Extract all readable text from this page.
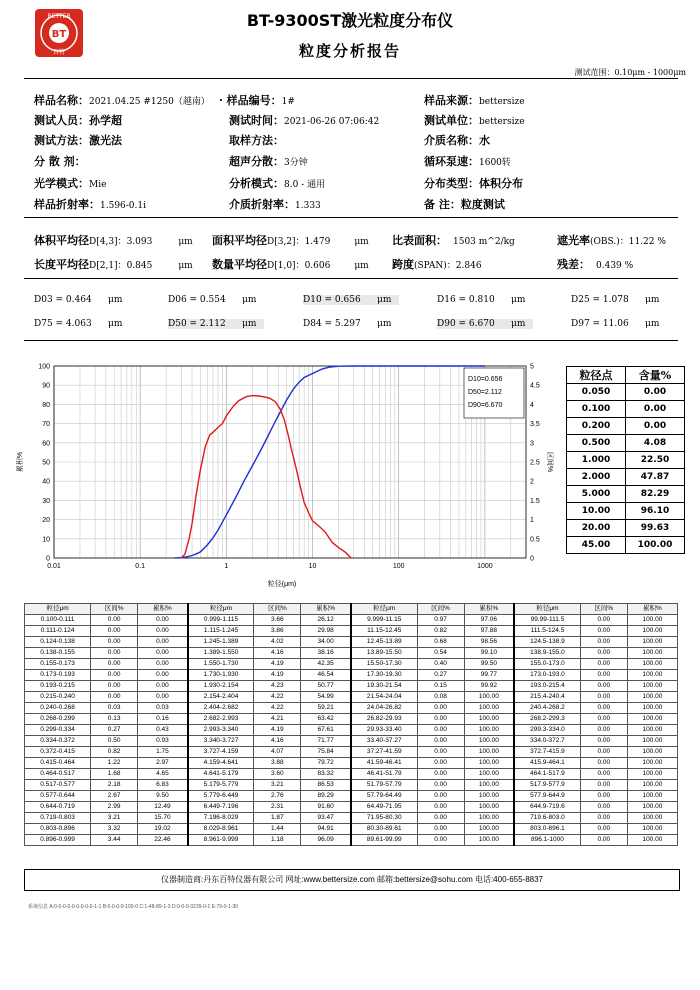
BT
BETTER
百特
BT-9300ST激光粒度分布仪
粒度分析报告
测试范围：0.10μm - 1000μm
样品名称：2021.04.25 #1250（越南） · 样品编号：1#	样品来源：bettersize
测试人员：孙学超	测试时间：2021-06-26 07:06:42	测试单位：bettersize
测试方法：激光法	取样方法：	介质名称：水
分 散 剂：	超声分散：3分钟	循环泵速：1600转
光学模式：Mie	分析模式：8.0 - 通用	分布类型：体积分布
样品折射率：1.596-0.1i	介质折射率：1.333	备 注：粒度测试
体积平均径D[4,3]：3.093	μm 面积平均径D[3,2]：1.479	μm 比表面积： 1503 m^2/kg	遮光率(OBS.)：11.22 %
长度平均径D[2,1]：0.845	μm 数量平均径D[1,0]：0.606	μm 跨度(SPAN)：2.846	残差： 0.439 %
D03 = 0.464 μm	D06 = 0.554 μm	D10 = 0.656 μm	D16 = 0.810 μm	D25 = 1.078 μm
D75 = 4.063 μm	D50 = 2.112 μm	D84 = 5.297 μm	D90 = 6.670 μm	D97 = 11.06 μm
0
10
20
30
40
50
60
70
80
90
100
0
0.5
1
1.5
2
2.5
3
3.5
4
4.5
5
0.01	0.1	1	10	100	1000
粒径(μm)
累积%	区间%
D10=0.656
D50=2.112
D90=6.670
粒径点	含量%
0.050	0.00
0.100	0.00
0.200	0.00
0.500	4.08
1.000	22.50
2.000	47.87
5.000	82.29
10.00	96.10
20.00	99.63
45.00	100.00
粒径μm	区间%	累积%	粒径μm	区间%	累积%	粒径μm	区间%	累积%	粒径μm	区间%	累积%
0.100-0.111	0.00	0.00	0.999-1.115	3.66	26.12	9.999-11.15	0.97	97.06	99.99-111.5	0.00	100.00
0.111-0.124	0.00	0.00	1.115-1.245	3.86	29.98	11.15-12.45	0.82	97.88	111.5-124.5	0.00	100.00
0.124-0.138	0.00	0.00	1.245-1.389	4.02	34.00	12.45-13.89	0.68	98.56	124.5-138.9	0.00	100.00
0.138-0.155	0.00	0.00	1.389-1.550	4.16	38.16	13.89-15.50	0.54	99.10	138.9-155.0	0.00	100.00
0.155-0.173	0.00	0.00	1.550-1.730	4.19	42.35	15.50-17.30	0.40	99.50	155.0-173.0	0.00	100.00
0.173-0.193	0.00	0.00	1.730-1.930	4.19	46.54	17.30-19.30	0.27	99.77	173.0-193.0	0.00	100.00
0.193-0.215	0.00	0.00	1.930-2.154	4.23	50.77	19.30-21.54	0.15	99.92	193.0-215.4	0.00	100.00
0.215-0.240	0.00	0.00	2.154-2.404	4.22	54.99	21.54-24.04	0.08	100.00	215.4-240.4	0.00	100.00
0.240-0.268	0.03	0.03	2.404-2.682	4.22	59.21	24.04-26.82	0.00	100.00	240.4-268.2	0.00	100.00
0.268-0.299	0.13	0.16	2.682-2.993	4.21	63.42	26.82-29.93	0.00	100.00	268.2-299.3	0.00	100.00
0.299-0.334	0.27	0.43	2.993-3.340	4.19	67.61	29.93-33.40	0.00	100.00	299.3-334.0	0.00	100.00
0.334-0.372	0.50	0.93	3.340-3.727	4.16	71.77	33.40-37.27	0.00	100.00	334.0-372.7	0.00	100.00
0.372-0.415	0.82	1.75	3.727-4.159	4.07	75.84	37.27-41.59	0.00	100.00	372.7-415.9	0.00	100.00
0.415-0.464	1.22	2.97	4.159-4.641	3.88	79.72	41.59-46.41	0.00	100.00	415.9-464.1	0.00	100.00
0.464-0.517	1.68	4.65	4.641-5.179	3.60	83.32	46.41-51.79	0.00	100.00	464.1-517.9	0.00	100.00
0.517-0.577	2.18	6.83	5.179-5.779	3.21	86.53	51.79-57.79	0.00	100.00	517.9-577.9	0.00	100.00
0.577-0.644	2.67	9.50	5.779-6.449	2.76	89.29	57.79-64.49	0.00	100.00	577.9-644.9	0.00	100.00
0.644-0.719	2.99	12.49	6.449-7.196	2.31	91.60	64.49-71.95	0.00	100.00	644.9-719.6	0.00	100.00
0.719-0.803	3.21	15.70	7.196-8.029	1.87	93.47	71.95-80.30	0.00	100.00	719.6-803.0	0.00	100.00
0.803-0.896	3.32	19.02	8.029-8.961	1.44	94.91	80.30-89.61	0.00	100.00	803.0-896.1	0.00	100.00
0.896-0.999	3.44	22.46	8.961-9.999	1.18	96.09	89.61-99.99	0.00	100.00	896.1-1000	0.00	100.00
仪器制造商:丹东百特仪器有限公司 网址:www.bettersize.com 邮箱:bettersize@sohu.com 电话:400-655-8837
系统信息 A:0-0-0-0-0-0-0-0-0-1-1 B:0-0-0-0-100-0 C:1-48-89-1-3 D:0-0-0-3239-0-1 E:79-0-1-30
